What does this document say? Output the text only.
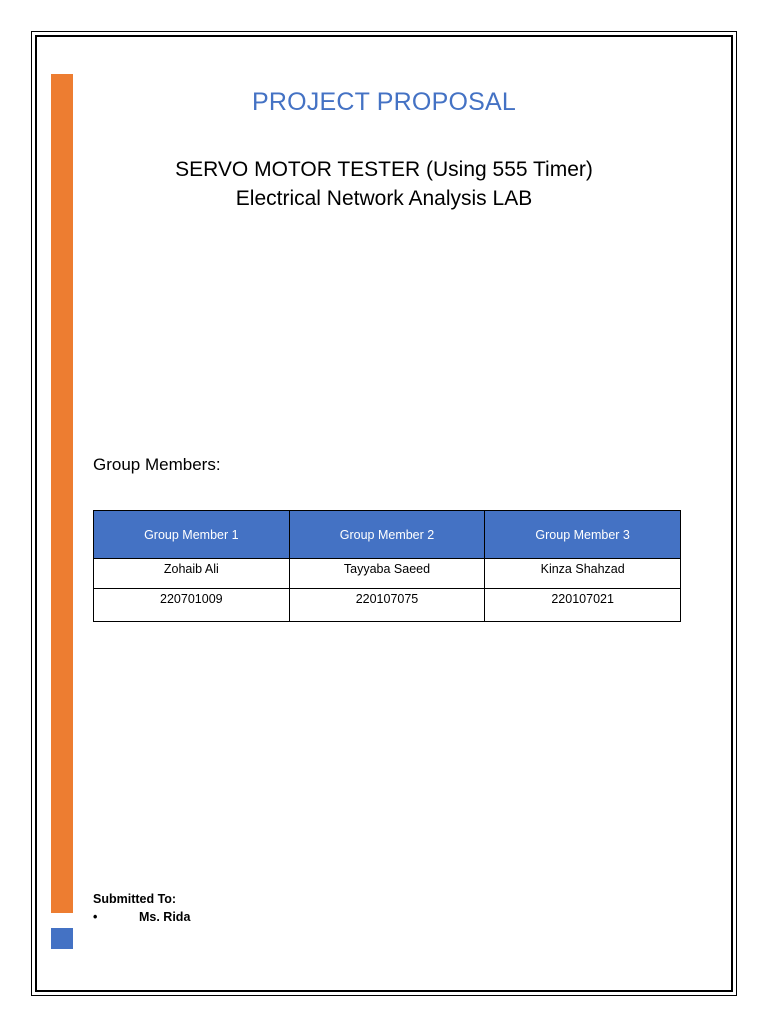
PROJECT PROPOSAL
SERVO MOTOR TESTER (Using 555 Timer)
Electrical Network Analysis LAB
Group Members:
Group Member 1	Group Member 2	Group Member 3
Zohaib Ali	Tayyaba Saeed	Kinza Shahzad
220701009	220107075	220107021
Submitted To:
•	Ms. Rida
